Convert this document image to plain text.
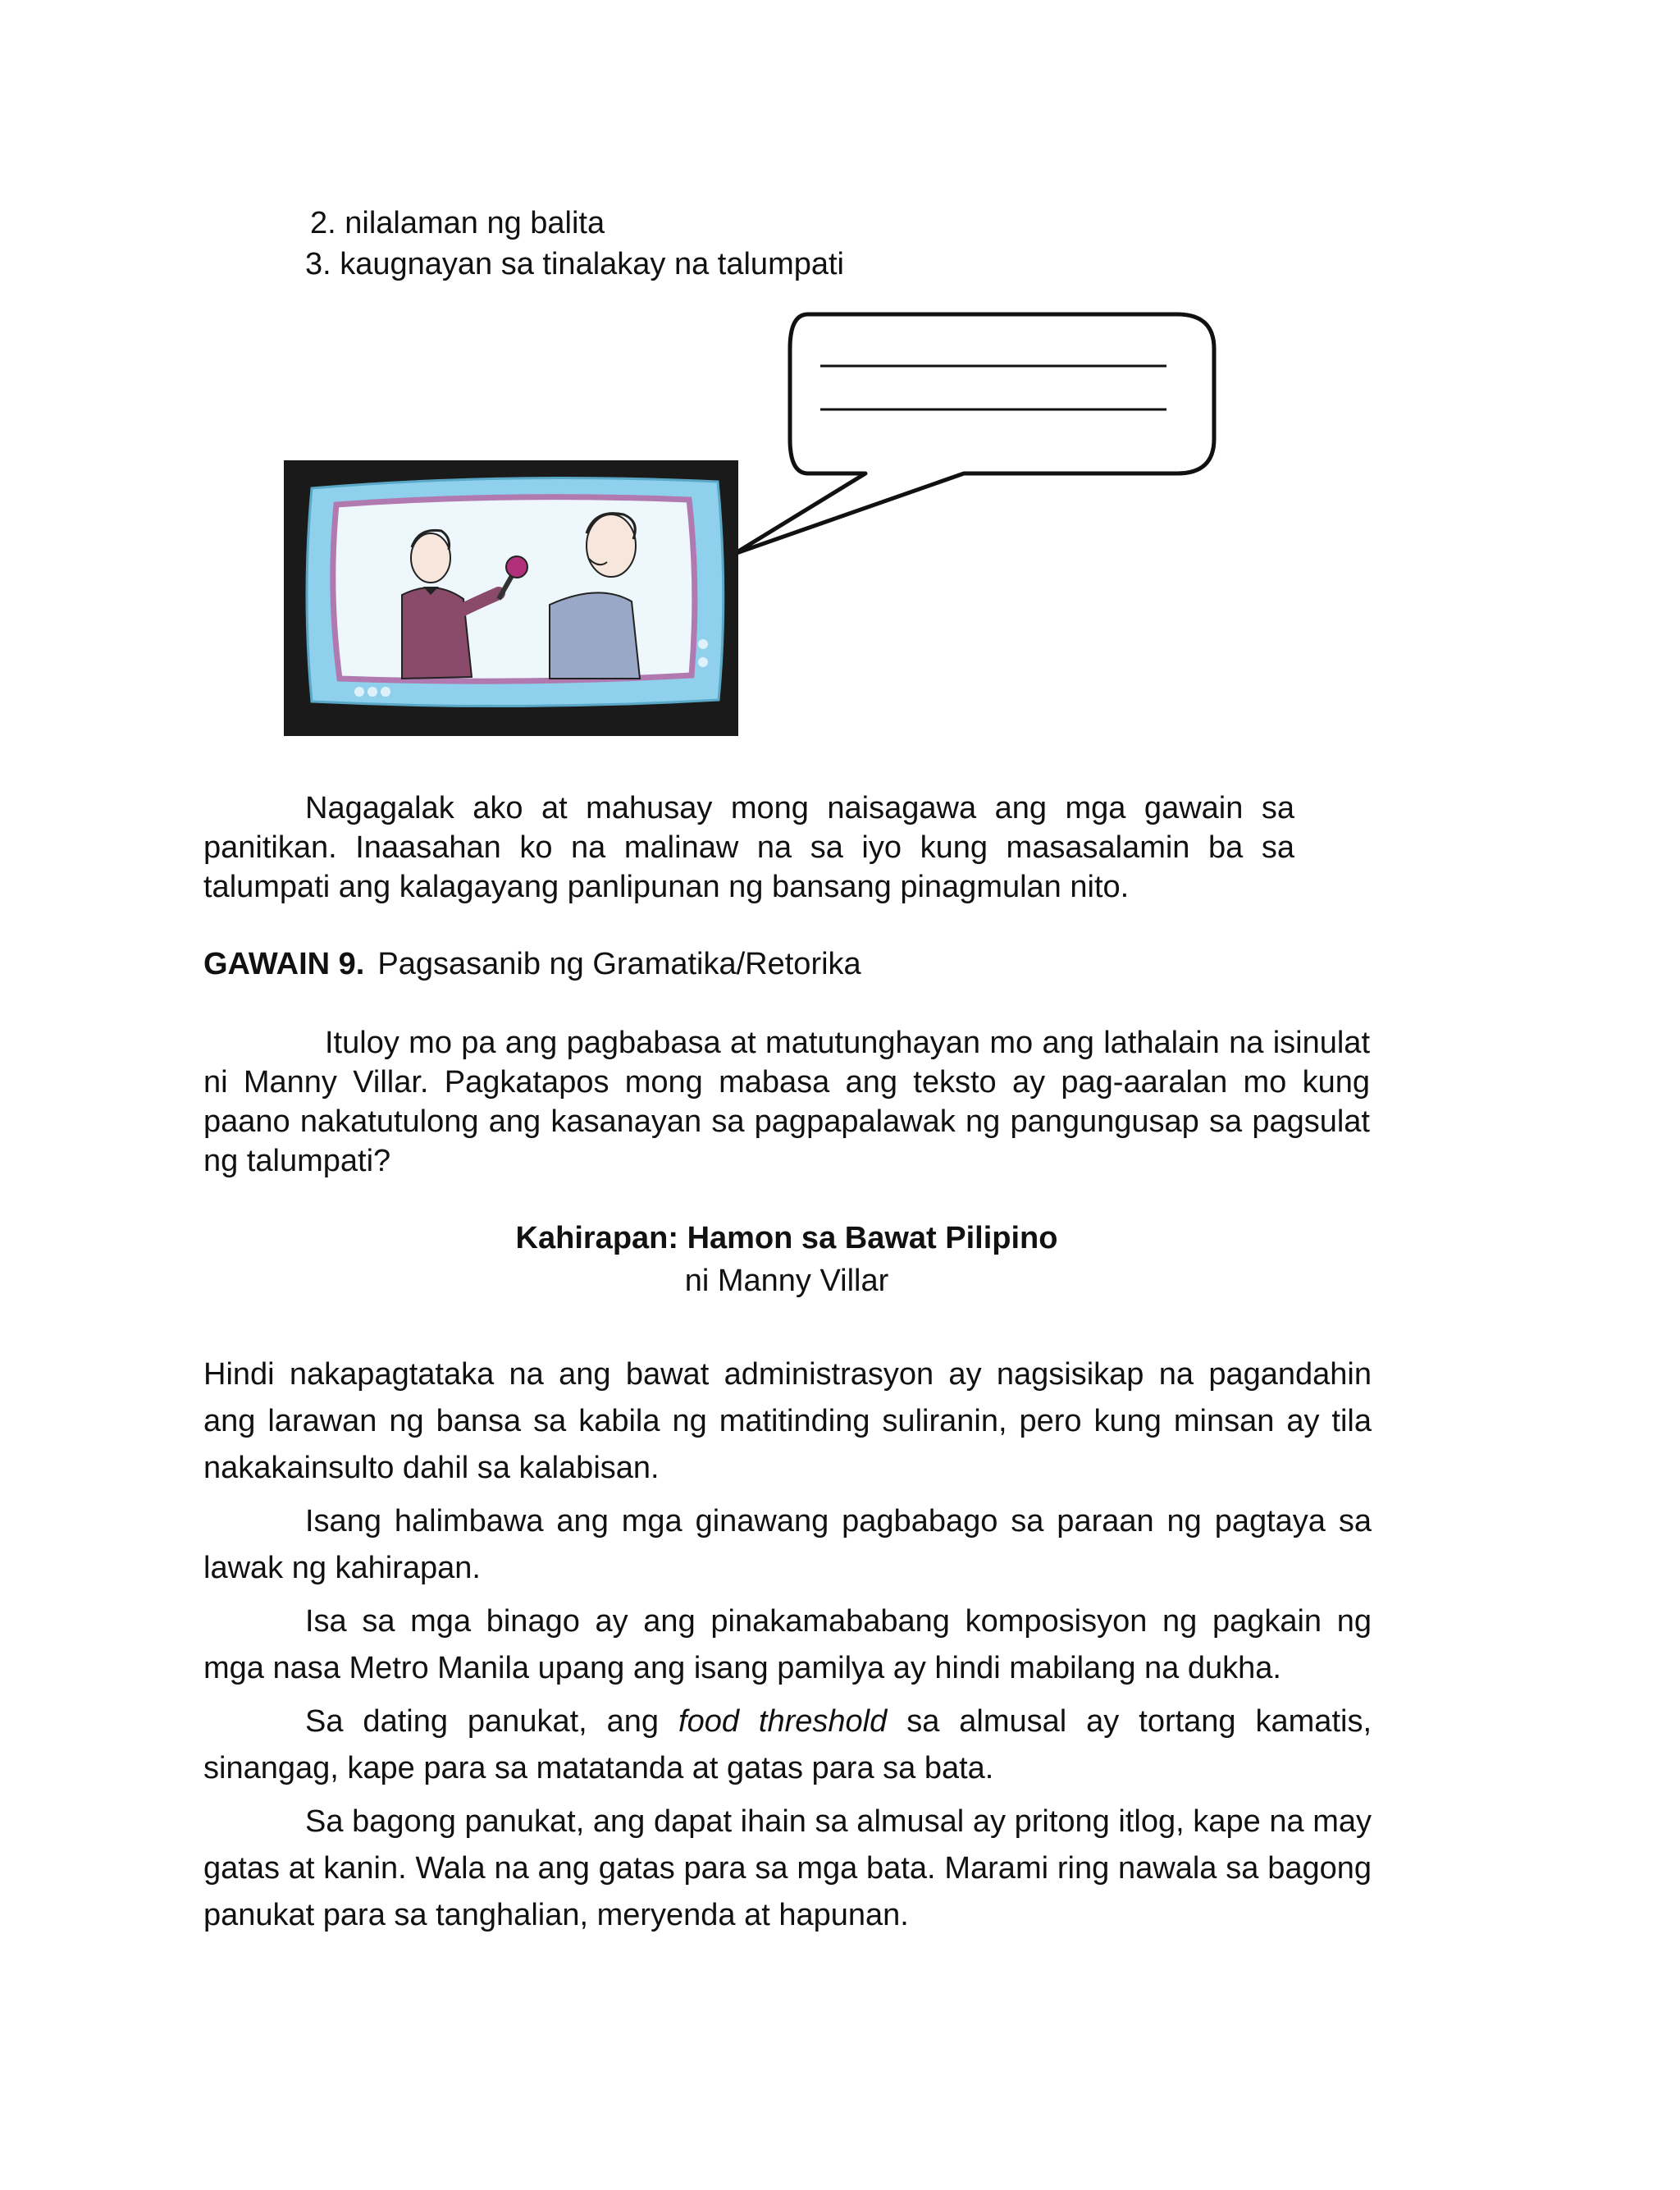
2. nilalaman ng balita
3. kaugnayan sa tinalakay na talumpati
Nagagalak ako at mahusay mong naisagawa ang mga gawain sa panitikan. Inaasahan ko na malinaw na sa iyo kung masasalamin ba sa talumpati ang kalagayang panlipunan ng bansang pinagmulan nito.
GAWAIN 9. Pagsasanib ng Gramatika/Retorika
Ituloy mo pa ang pagbabasa at matutunghayan mo ang lathalain na isinulat ni Manny Villar. Pagkatapos mong mabasa ang teksto ay pag-aaralan mo kung paano nakatutulong ang kasanayan sa pagpapalawak ng pangungusap sa pagsulat ng talumpati?
Kahirapan: Hamon sa Bawat Pilipino
ni Manny Villar

Hindi nakapagtataka na ang bawat administrasyon ay nagsisikap na pagandahin ang larawan ng bansa sa kabila ng matitinding suliranin, pero kung minsan ay tila nakakainsulto dahil sa kalabisan.

Isang halimbawa ang mga ginawang pagbabago sa paraan ng pagtaya sa lawak ng kahirapan.

Isa sa mga binago ay ang pinakamababang komposisyon ng pagkain ng mga nasa Metro Manila upang ang isang pamilya ay hindi mabilang na dukha.

Sa dating panukat, ang food threshold sa almusal ay tortang kamatis, sinangag, kape para sa matatanda at gatas para sa bata.

Sa bagong panukat, ang dapat ihain sa almusal ay pritong itlog, kape na may gatas at kanin. Wala na ang gatas para sa mga bata. Marami ring nawala sa bagong panukat para sa tanghalian, meryenda at hapunan.
